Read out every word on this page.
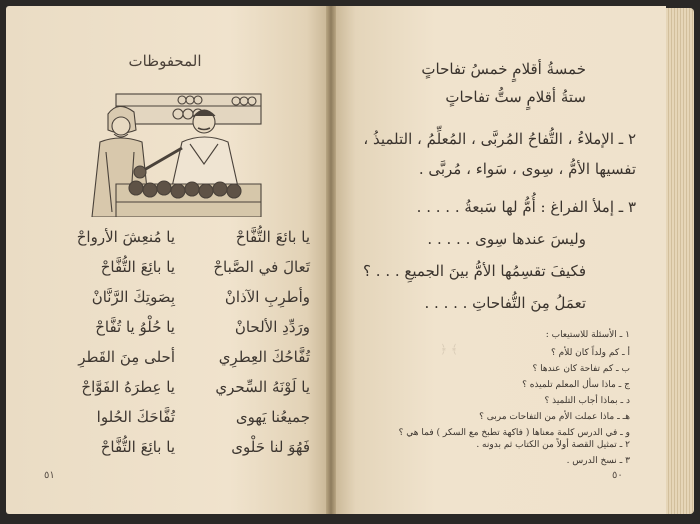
المحفوظات
يا بائعَ التُّفَّاحْ
يا مُنعِشَ الأرواحْ
تَعالَ في الصَّباحْ
يا بائِعَ التُّفَّاحْ
وأطرِبِ الآذانْ
بِصَوتِكَ الرَّنَّانْ
ورَدِّدِ الألحانْ
يا حُلْوُ يا تُفَّاحْ
تُفَّاحُكَ العِطرِي
أحلى مِنَ القَطرِ
يا لَوْنَهُ السِّحري
يا عِطرَهُ الفَوَّاحْ
جميعُنا يَهوى
تُفَّاحَكَ الحُلوا
فَهُوَ لنا حَلْوى
يا بائِعَ التُّفَّاحْ
٥١
خمسةُ أقلامٍ خمسُ تفاحاتٍ
ستةُ أقلامٍ ستُّ تفاحاتٍ
٢ ـ الإملاءُ ، التُّفاحُ المُربَّى ، المُعلِّمُ ، التلميذُ ،
تفسيها الأمُّ ، سِوى ، سَواء ، مُربَّى .
٣ ـ إملأ الفراغ : أُمُّ لها سَبعةُ . . . . .
وليسَ عندها سِوى . . . . .
فكيفَ تقسِمُها الأمُّ بينَ الجميعِ . . . ؟
تعمَلُ مِنَ التُّفاحاتِ . . . . .
﴿ ﴾
١ ـ الأسئلة للاستيعاب :
أ ـ كم ولداً كان للأم ؟
ب ـ كم تفاحة كان عندها ؟
ج ـ ماذا سأل المعلم تلميذه ؟
د ـ بماذا أجاب التلميذ ؟
هـ ـ ماذا عملت الأم من التفاحات مربى ؟
و ـ في الدرس كلمة معناها ( فاكهة تطبخ مع السكر ) فما هي ؟
٢ ـ تمثيل القصة أولاً من الكتاب ثم بدونه .
٣ ـ نسخ الدرس .
٥٠
